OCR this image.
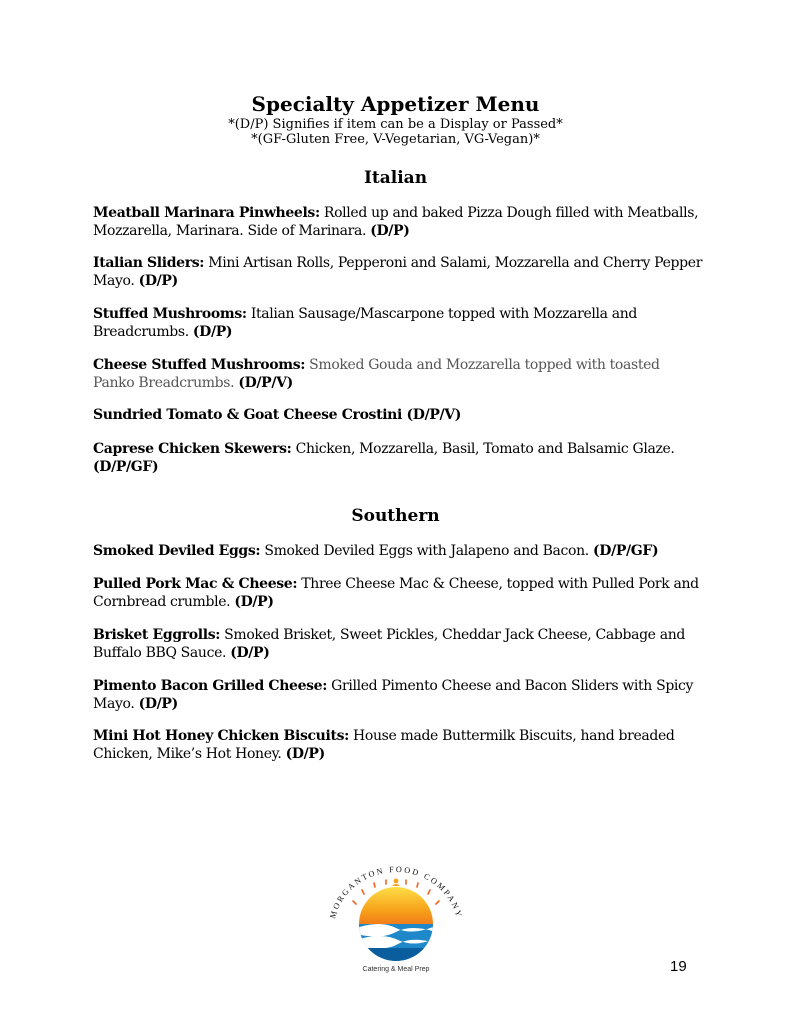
Specialty Appetizer Menu

*(D/P) Signifies if item can be a Display or Passed*

*(GF-Gluten Free, V-Vegetarian, VG-Vegan)*

Italian

Meatball Marinara Pinwheels: Rolled up and baked Pizza Dough filled with Meatballs, Mozzarella, Marinara. Side of Marinara. (D/P)

Italian Sliders: Mini Artisan Rolls, Pepperoni and Salami, Mozzarella and Cherry Pepper Mayo. (D/P)

Stuffed Mushrooms: Italian Sausage/Mascarpone topped with Mozzarella and Breadcrumbs. (D/P)

Cheese Stuffed Mushrooms: Smoked Gouda and Mozzarella topped with toasted Panko Breadcrumbs. (D/P/V)

Sundried Tomato & Goat Cheese Crostini (D/P/V)

Caprese Chicken Skewers: Chicken, Mozzarella, Basil, Tomato and Balsamic Glaze. (D/P/GF)

Southern

Smoked Deviled Eggs: Smoked Deviled Eggs with Jalapeno and Bacon. (D/P/GF)

Pulled Pork Mac & Cheese: Three Cheese Mac & Cheese, topped with Pulled Pork and Cornbread crumble. (D/P)

Brisket Eggrolls: Smoked Brisket, Sweet Pickles, Cheddar Jack Cheese, Cabbage and Buffalo BBQ Sauce. (D/P)

Pimento Bacon Grilled Cheese: Grilled Pimento Cheese and Bacon Sliders with Spicy Mayo. (D/P)

Mini Hot Honey Chicken Biscuits: House made Buttermilk Biscuits, hand breaded Chicken, Mike’s Hot Honey. (D/P)

MORGANTON FOOD COMPANY
Catering & Meal Prep	19
